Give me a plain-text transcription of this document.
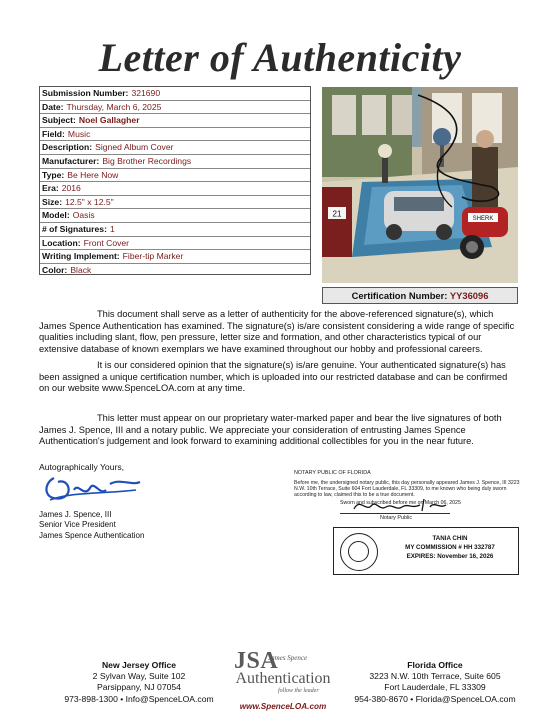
Letter of Authenticity
Submission Number: 321690
Date: Thursday, March 6, 2025
Subject: Noel Gallagher
Field: Music
Description: Signed Album Cover
Manufacturer: Big Brother Recordings
Type: Be Here Now
Era: 2016
Size: 12.5" x 12.5"
Model: Oasis
# of Signatures: 1
Location: Front Cover
Writing Implement: Fiber-tip Marker
Color: Black
21
SHERK
Certification Number: YY36096
This document shall serve as a letter of authenticity for the above-referenced signature(s), which James Spence Authentication has examined. The signature(s) is/are consistent considering a wide range of specific qualities including slant, flow, pen pressure, letter size and formation, and other characteristics typical of our extensive database of known exemplars we have examined throughout our hobby and professional careers.
It is our considered opinion that the signature(s) is/are genuine. Your authenticated signature(s) has been assigned a unique certification number, which is uploaded into our restricted database and can be confirmed on our website www.SpenceLOA.com at any time.
This letter must appear on our proprietary water-marked paper and bear the live signatures of both James J. Spence, III and a notary public. We appreciate your consideration of entrusting James Spence Authentication's judgement and look forward to examining additional collectibles for you in the near future.
Autographically Yours,
James J. Spence, III
Senior Vice President
James Spence Authentication
NOTARY PUBLIC OF FLORIDA
Before me, the undersigned notary public, this day personally appeared James J. Spence, III 3223 N.W. 10th Terrace, Suite 604 Fort Lauderdale, FL 33309, to me known who being duly sworn according to law, claimed this to be a true document.
Sworn and subscribed before me on March 06, 2025
Notary Public
TANIA CHIN
MY COMMISSION # HH 332787
EXPIRES: November 16, 2026
New Jersey Office
2 Sylvan Way, Suite 102
Parsippany, NJ 07054
973-898-1300 • Info@SpenceLOA.com
JSA
James Spence
Authentication
follow the leader
www.SpenceLOA.com
Florida Office
3223 N.W. 10th Terrace, Suite 605
Fort Lauderdale, FL 33309
954-380-8670 • Florida@SpenceLOA.com
